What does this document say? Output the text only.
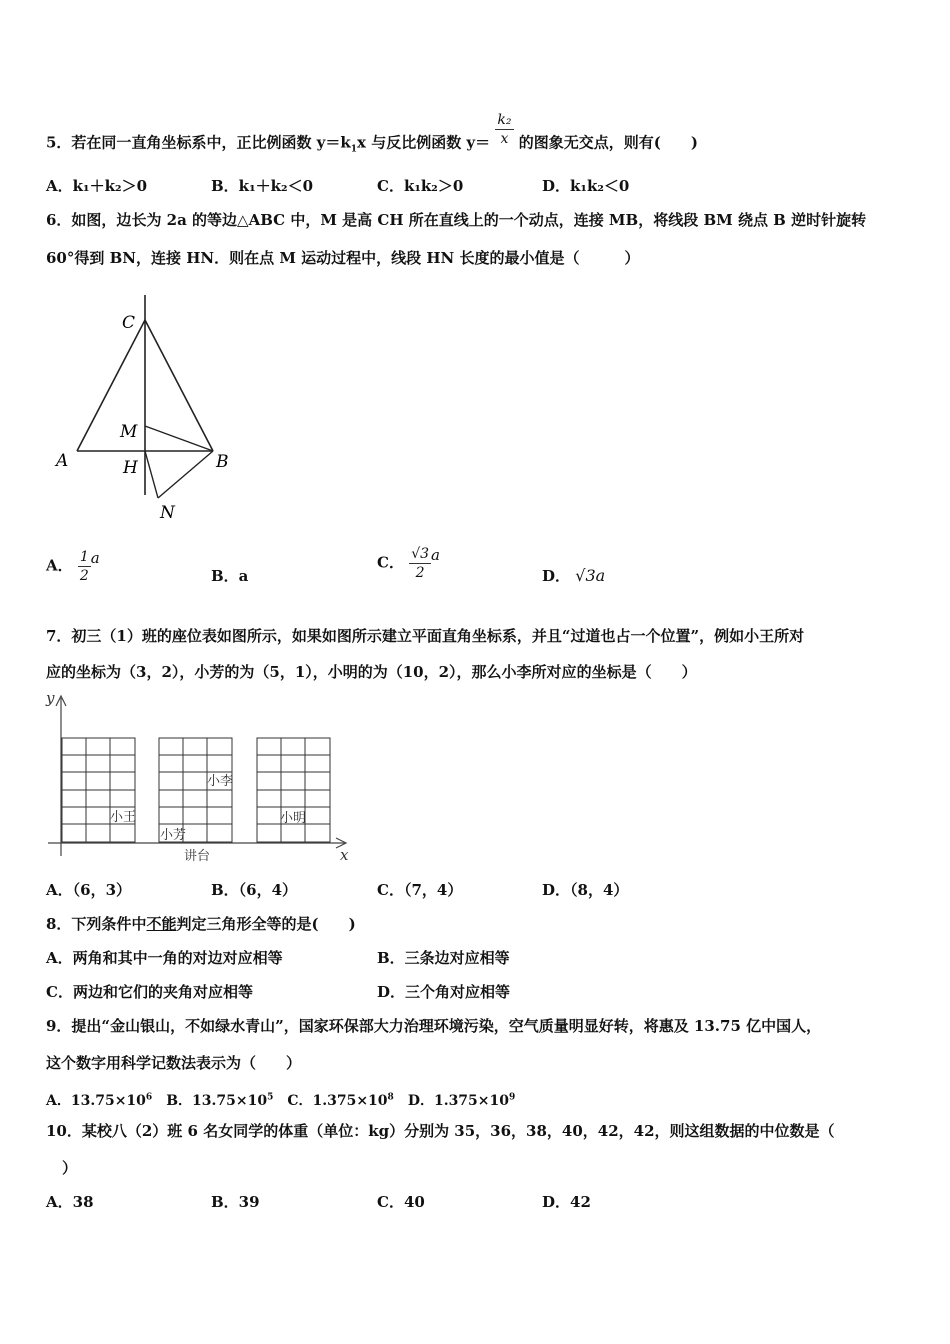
5．若在同一直角坐标系中，正比例函数 $y=k_1x$ 与反比例函数 $y= \frac{\text{k₂}}{x}$ 的图象无交点，则有(　　)
A．k₁＋k₂＞0	B．k₁＋k₂＜0	C．k₁k₂＞0	D．k₁k₂＜0
6．如图，边长为 2a 的等边△ABC 中，M 是高 CH 所在直线上的一个动点，连接 MB，将线段 BM 绕点 B 逆时针旋转
60°得到 BN，连接 HN．则在点 M 运动过程中，线段 HN 长度的最小值是（　　　）
C
M
A	H	B
N
A． $\frac{1}{2}$ a
B．a
C． $\frac{√3}{2}$ a
D． √3a
7．初三（1）班的座位表如图所示，如果如图所示建立平面直角坐标系，并且“过道也占一个位置”，例如小王所对
应的坐标为（3，2），小芳的为（5，1），小明的为（10，2），那么小李所对应的坐标是（　　）
y
x
小王
小芳
小李
小明
讲台
A．（6，3）	B．（6，4）	C．（7，4）	D．（8，4）
8．下列条件中不能判定三角形全等的是(　　)
A．两角和其中一角的对边对应相等	B．三条边对应相等
C．两边和它们的夹角对应相等	D．三个角对应相等
9．提出“金山银山，不如绿水青山”，国家环保部大力治理环境污染，空气质量明显好转，将惠及 13.75 亿中国人，
这个数字用科学记数法表示为（　　）
A．$13.75\times 10^6$  B．$13.75\times 10^5$  C．$1.375\times 10^8$  D．$1.375\times 10^9$
10．某校八（2）班 6 名女同学的体重（单位：kg）分别为 35，36，38，40，42，42，则这组数据的中位数是（
）
A．38	B．39	C．40	D．42
